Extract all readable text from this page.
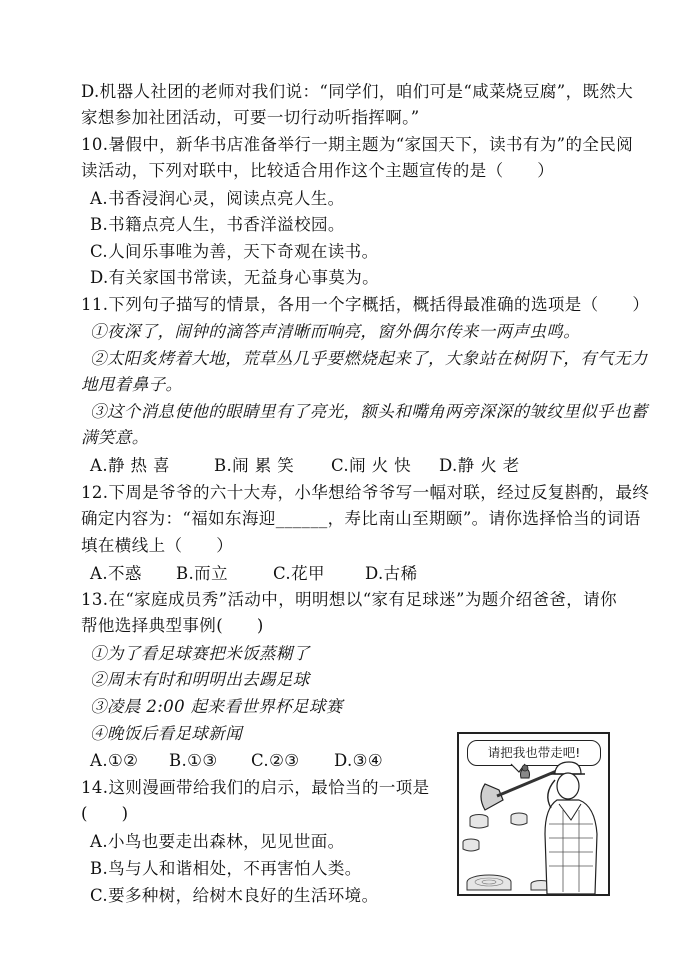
D.机器人社团的老师对我们说：“同学们，咱们可是“咸菜烧豆腐”，既然大
家想参加社团活动，可要一切行动听指挥啊。”
10.暑假中，新华书店准备举行一期主题为“家国天下，读书有为”的全民阅
读活动，下列对联中，比较适合用作这个主题宣传的是（　　）
A.书香浸润心灵，阅读点亮人生。
B.书籍点亮人生，书香洋溢校园。
C.人间乐事唯为善，天下奇观在读书。
D.有关家国书常读，无益身心事莫为。
11.下列句子描写的情景，各用一个字概括，概括得最准确的选项是（　　）
①夜深了，闹钟的滴答声清晰而响亮，窗外偶尔传来一两声虫鸣。
②太阳炙烤着大地，荒草丛几乎要燃烧起来了，大象站在树阴下，有气无力
地甩着鼻子。
③这个消息使他的眼睛里有了亮光，额头和嘴角两旁深深的皱纹里似乎也蓄
满笑意。
A.静 热 喜	B.闹 累 笑 C.闹 火 快 D.静 火 老
12.下周是爷爷的六十大寿，小华想给爷爷写一幅对联，经过反复斟酌，最终
确定内容为：“福如东海迎______，寿比南山至期颐”。请你选择恰当的词语
填在横线上（　　）
A.不惑 B.而立	C.花甲 D.古稀
13.在“家庭成员秀”活动中，明明想以“家有足球迷”为题介绍爸爸，请你
帮他选择典型事例(　　)
①为了看足球赛把米饭蒸糊了
②周末有时和明明出去踢足球
③凌晨 2:00 起来看世界杯足球赛
④晚饭后看足球新闻
A.①② B.①③ C.②③ D.③④
14.这则漫画带给我们的启示，最恰当的一项是
(　　)
A.小鸟也要走出森林，见见世面。
B.鸟与人和谐相处，不再害怕人类。
C.要多种树，给树木良好的生活环境。
请把我也带走吧!
